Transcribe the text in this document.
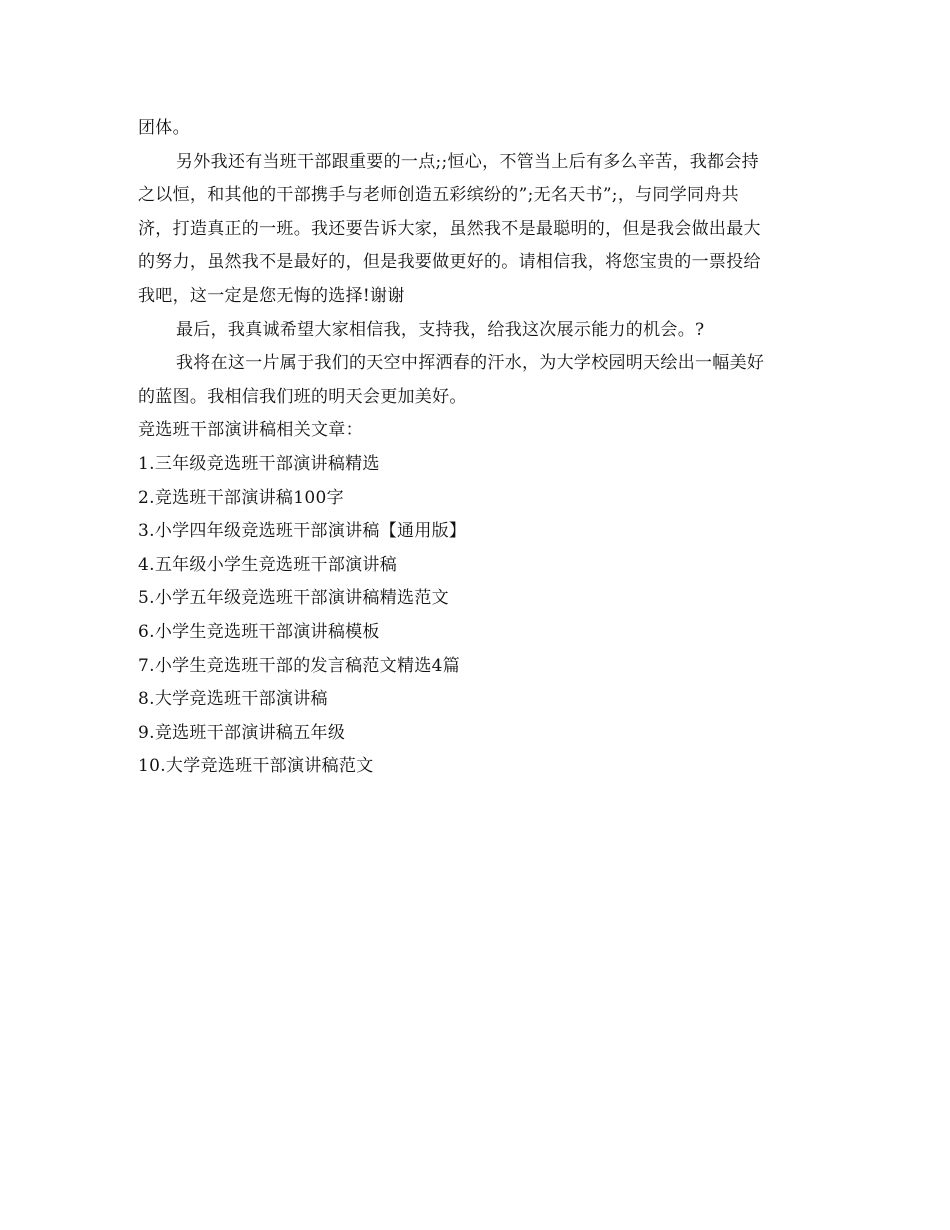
团体。
另外我还有当班干部跟重要的一点;;恒心，不管当上后有多么辛苦，我都会持
之以恒，和其他的干部携手与老师创造五彩缤纷的”;无名天书”;，与同学同舟共
济，打造真正的一班。我还要告诉大家，虽然我不是最聪明的，但是我会做出最大
的努力，虽然我不是最好的，但是我要做更好的。请相信我，将您宝贵的一票投给
我吧，这一定是您无悔的选择!谢谢
最后，我真诚希望大家相信我，支持我，给我这次展示能力的机会。?
我将在这一片属于我们的天空中挥洒春的汗水，为大学校园明天绘出一幅美好
的蓝图。我相信我们班的明天会更加美好。
竞选班干部演讲稿相关文章：
1.三年级竞选班干部演讲稿精选
2.竞选班干部演讲稿100字
3.小学四年级竞选班干部演讲稿【通用版】
4.五年级小学生竞选班干部演讲稿
5.小学五年级竞选班干部演讲稿精选范文
6.小学生竞选班干部演讲稿模板
7.小学生竞选班干部的发言稿范文精选4篇
8.大学竞选班干部演讲稿
9.竞选班干部演讲稿五年级
10.大学竞选班干部演讲稿范文
